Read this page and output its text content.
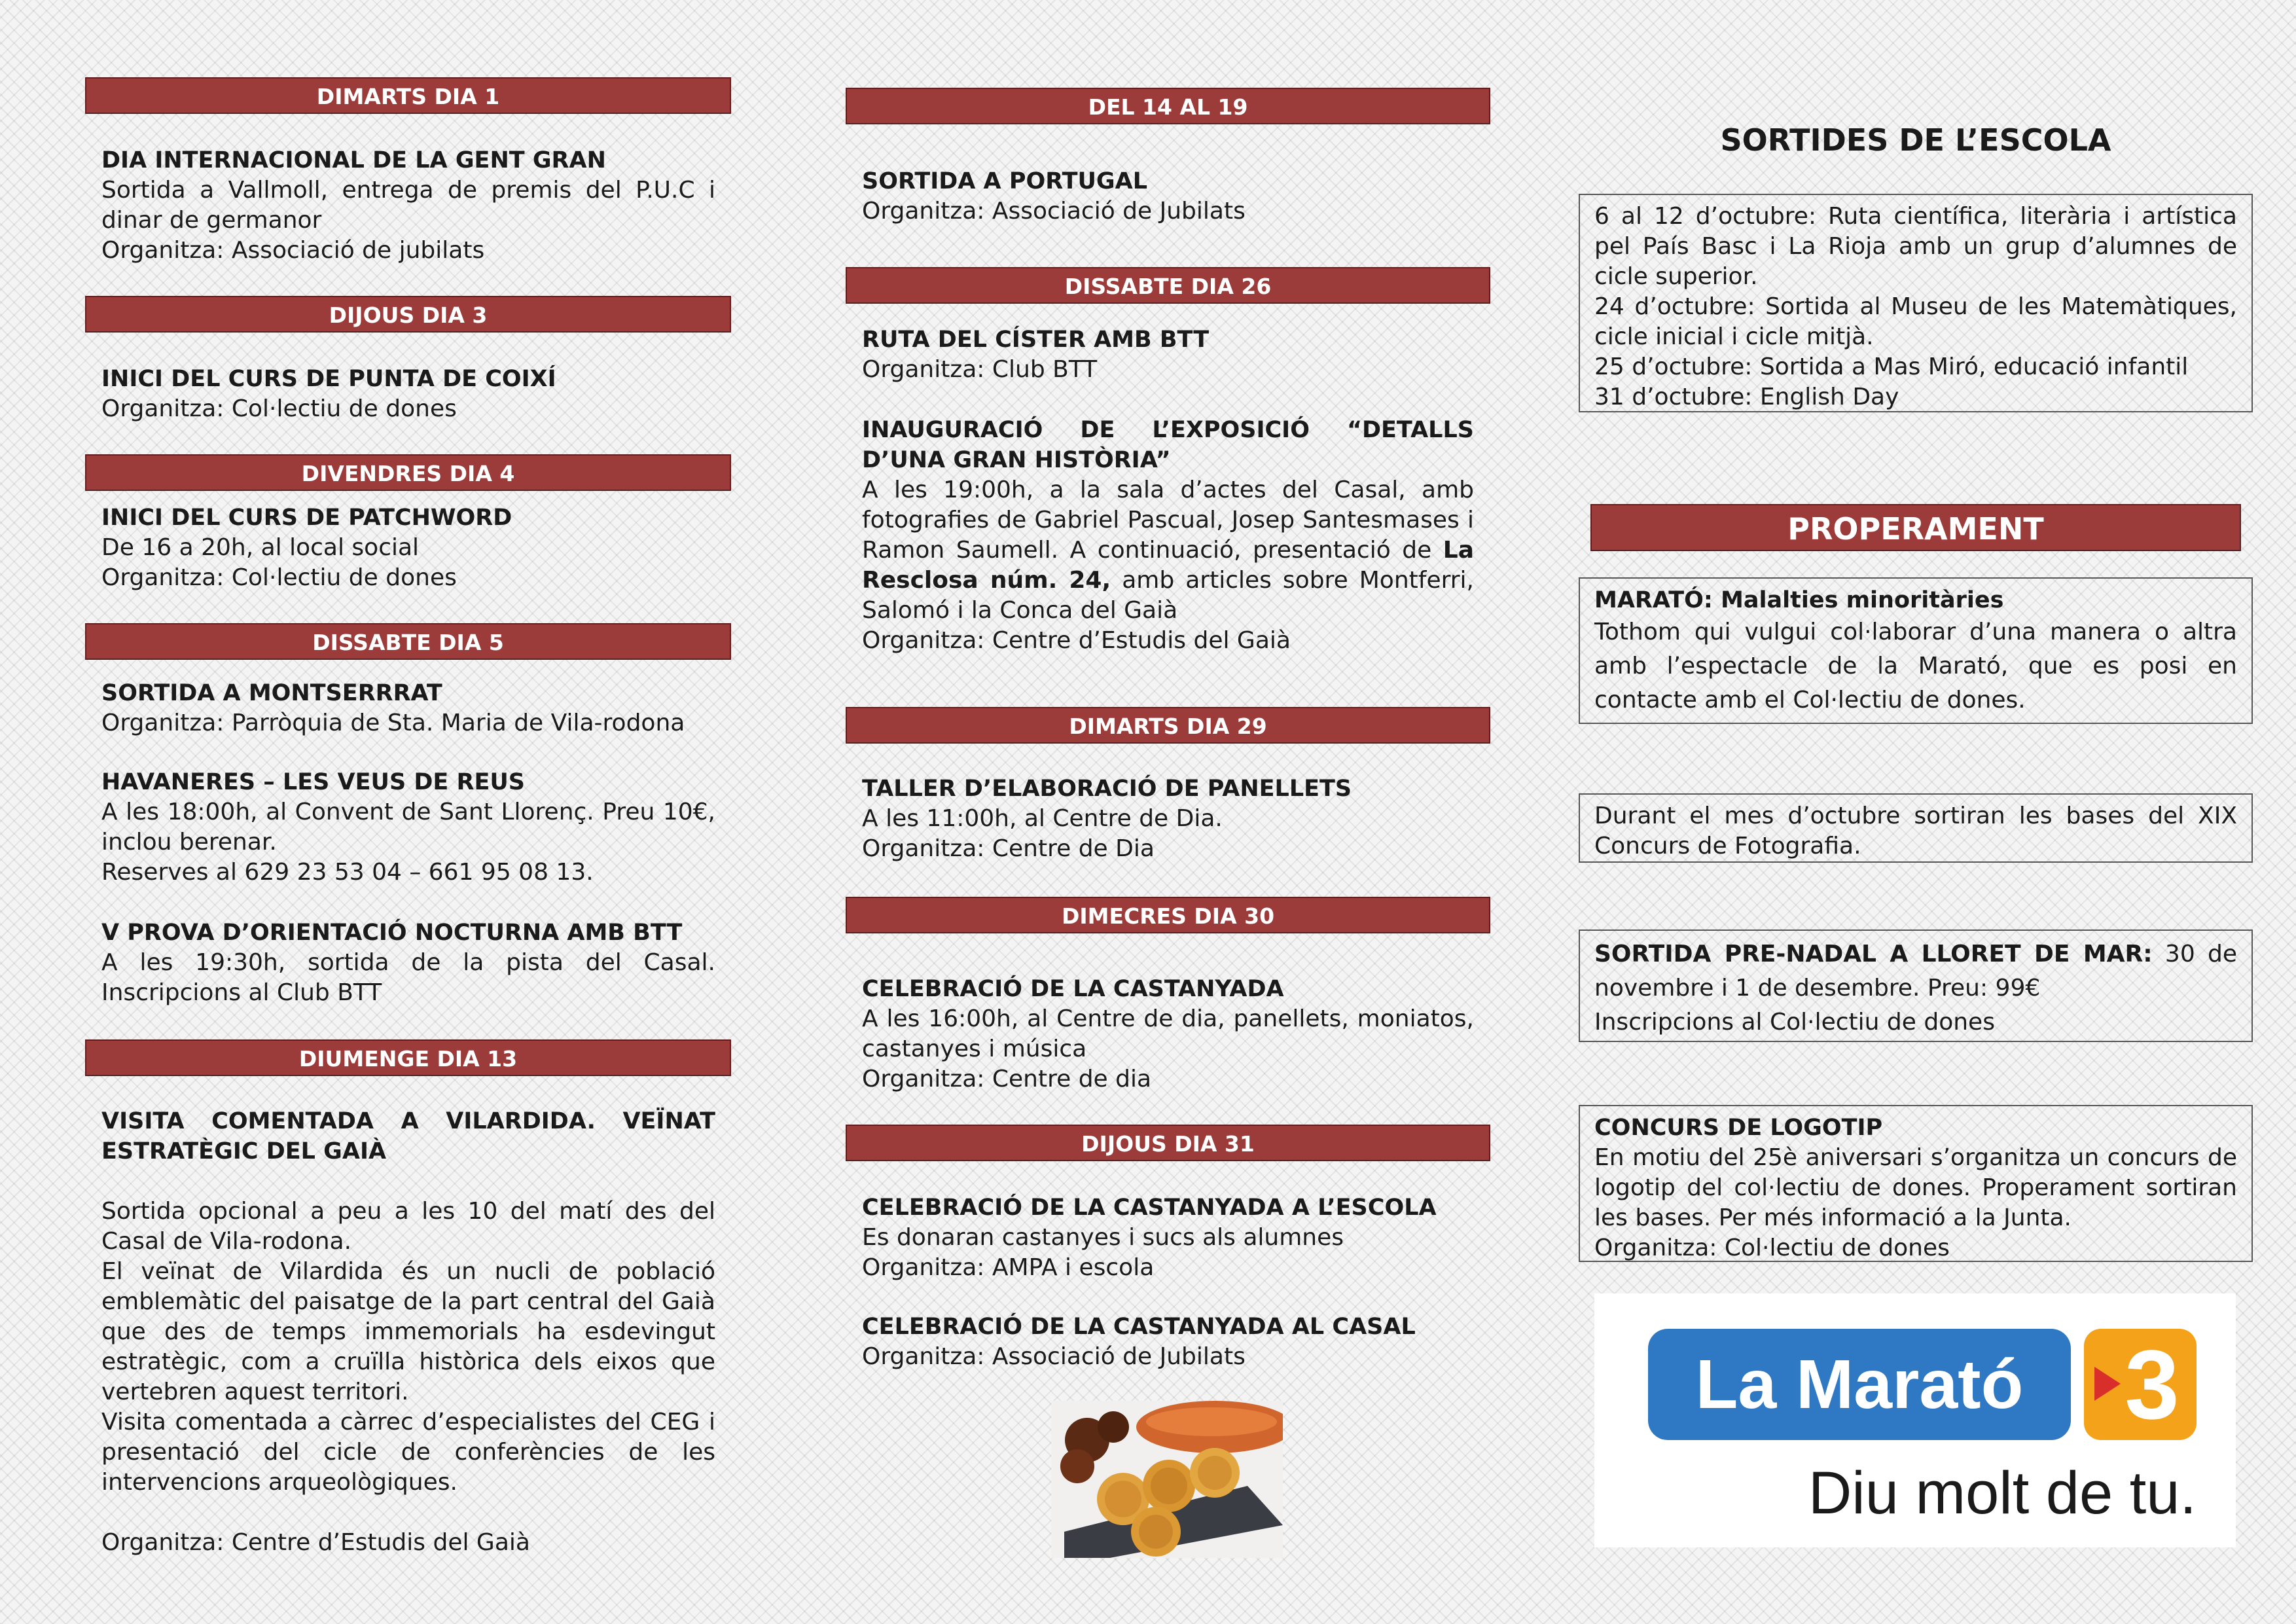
DIMARTS DIA 1
DIA INTERNACIONAL DE LA GENT GRAN
Sortida a Vallmoll, entrega de premis del P.U.C i dinar de germanor
Organitza: Associació de jubilats
DIJOUS DIA 3
INICI DEL CURS DE PUNTA DE COIXÍ
Organitza: Col·lectiu de dones
DIVENDRES DIA 4
INICI DEL CURS DE PATCHWORD
De 16 a 20h, al local social
Organitza: Col·lectiu de dones
DISSABTE DIA 5
SORTIDA A MONTSERRRAT
Organitza: Parròquia de Sta. Maria de Vila-rodona
HAVANERES – LES VEUS DE REUS
A les 18:00h, al Convent de Sant Llorenç. Preu 10€, inclou berenar.
Reserves al 629 23 53 04 – 661 95 08 13.
V PROVA D’ORIENTACIÓ NOCTURNA AMB BTT
A les 19:30h, sortida de la pista del Casal. Inscripcions al Club BTT
DIUMENGE DIA 13
VISITA COMENTADA A VILARDIDA. VEÏNAT ESTRATÈGIC DEL GAIÀ
Sortida opcional a peu a les 10 del matí des del Casal de Vila-rodona.
El veïnat de Vilardida és un nucli de població emblemàtic del paisatge de la part central del Gaià que des de temps immemorials ha esdevingut estratègic, com a cruïlla històrica dels eixos que vertebren aquest territori.
Visita comentada a càrrec d’especialistes del CEG i presentació del cicle de conferències de les intervencions arqueològiques.
Organitza: Centre d’Estudis del Gaià
DEL 14 AL 19
SORTIDA A PORTUGAL
Organitza: Associació de Jubilats
DISSABTE DIA 26
RUTA DEL CÍSTER AMB BTT
Organitza: Club BTT
INAUGURACIÓ DE L’EXPOSICIÓ “DETALLS D’UNA GRAN HISTÒRIA”
A les 19:00h, a la sala d’actes del Casal, amb fotografies de Gabriel Pascual, Josep Santesmases i Ramon Saumell. A continuació, presentació de La Resclosa núm. 24, amb articles sobre Montferri, Salomó i la Conca del Gaià
Organitza: Centre d’Estudis del Gaià
DIMARTS DIA 29
TALLER D’ELABORACIÓ DE PANELLETS
A les 11:00h, al Centre de Dia.
Organitza: Centre de Dia
DIMECRES DIA 30
CELEBRACIÓ DE LA CASTANYADA
A les 16:00h, al Centre de dia, panellets, moniatos, castanyes i música
Organitza: Centre de dia
DIJOUS DIA 31
CELEBRACIÓ DE LA CASTANYADA A L’ESCOLA
Es donaran castanyes i sucs als alumnes
Organitza: AMPA i escola
CELEBRACIÓ DE LA CASTANYADA AL CASAL
Organitza: Associació de Jubilats
SORTIDES DE L’ESCOLA
6 al 12 d’octubre: Ruta científica, literària i artística pel País Basc i La Rioja amb un grup d’alumnes de cicle superior.
24 d’octubre: Sortida al Museu de les Matemàtiques, cicle inicial i cicle mitjà.
25 d’octubre: Sortida a Mas Miró, educació infantil
31 d’octubre: English Day
PROPERAMENT
MARATÓ: Malalties minoritàries
Tothom qui vulgui col·laborar d’una manera o altra amb l’espectacle de la Marató, que es posi en contacte amb el Col·lectiu de dones.
Durant el mes d’octubre sortiran les bases del XIX Concurs de Fotografia.
SORTIDA PRE-NADAL A LLORET DE MAR: 30 de novembre i 1 de desembre. Preu: 99€
Inscripcions al Col·lectiu de dones
CONCURS DE LOGOTIP
En motiu del 25è aniversari s’organitza un concurs de logotip del col·lectiu de dones. Properament sortiran les bases. Per més informació a la Junta.
Organitza: Col·lectiu de dones
La Marató	3
Diu molt de tu.
